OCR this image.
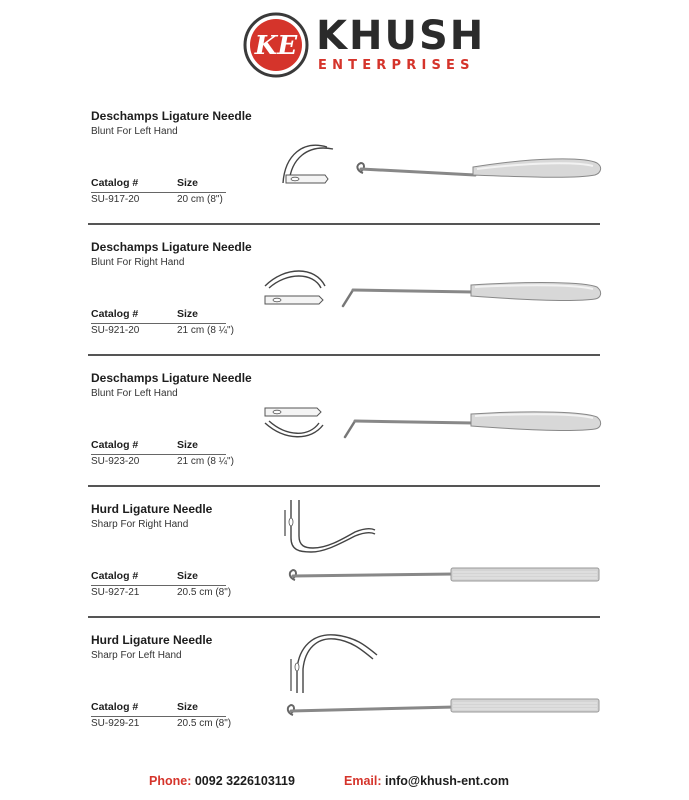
KE KHUSH
ENTERPRISES
Deschamps Ligature Needle
Blunt For Left Hand
Catalog #	Size
SU-917-20	20 cm (8")
Deschamps Ligature Needle
Blunt For Right Hand
Catalog #	Size
SU-921-20	21 cm (8 ¼")
Deschamps Ligature Needle
Blunt For Left Hand
Catalog #	Size
SU-923-20	21 cm (8 ¼")
Hurd Ligature Needle
Sharp For Right Hand
Catalog #	Size
SU-927-21	20.5 cm (8")
Hurd Ligature Needle
Sharp For Left Hand
Catalog #	Size
SU-929-21	20.5 cm (8")
Phone: 0092 3226103119	Email: info@khush-ent.com
